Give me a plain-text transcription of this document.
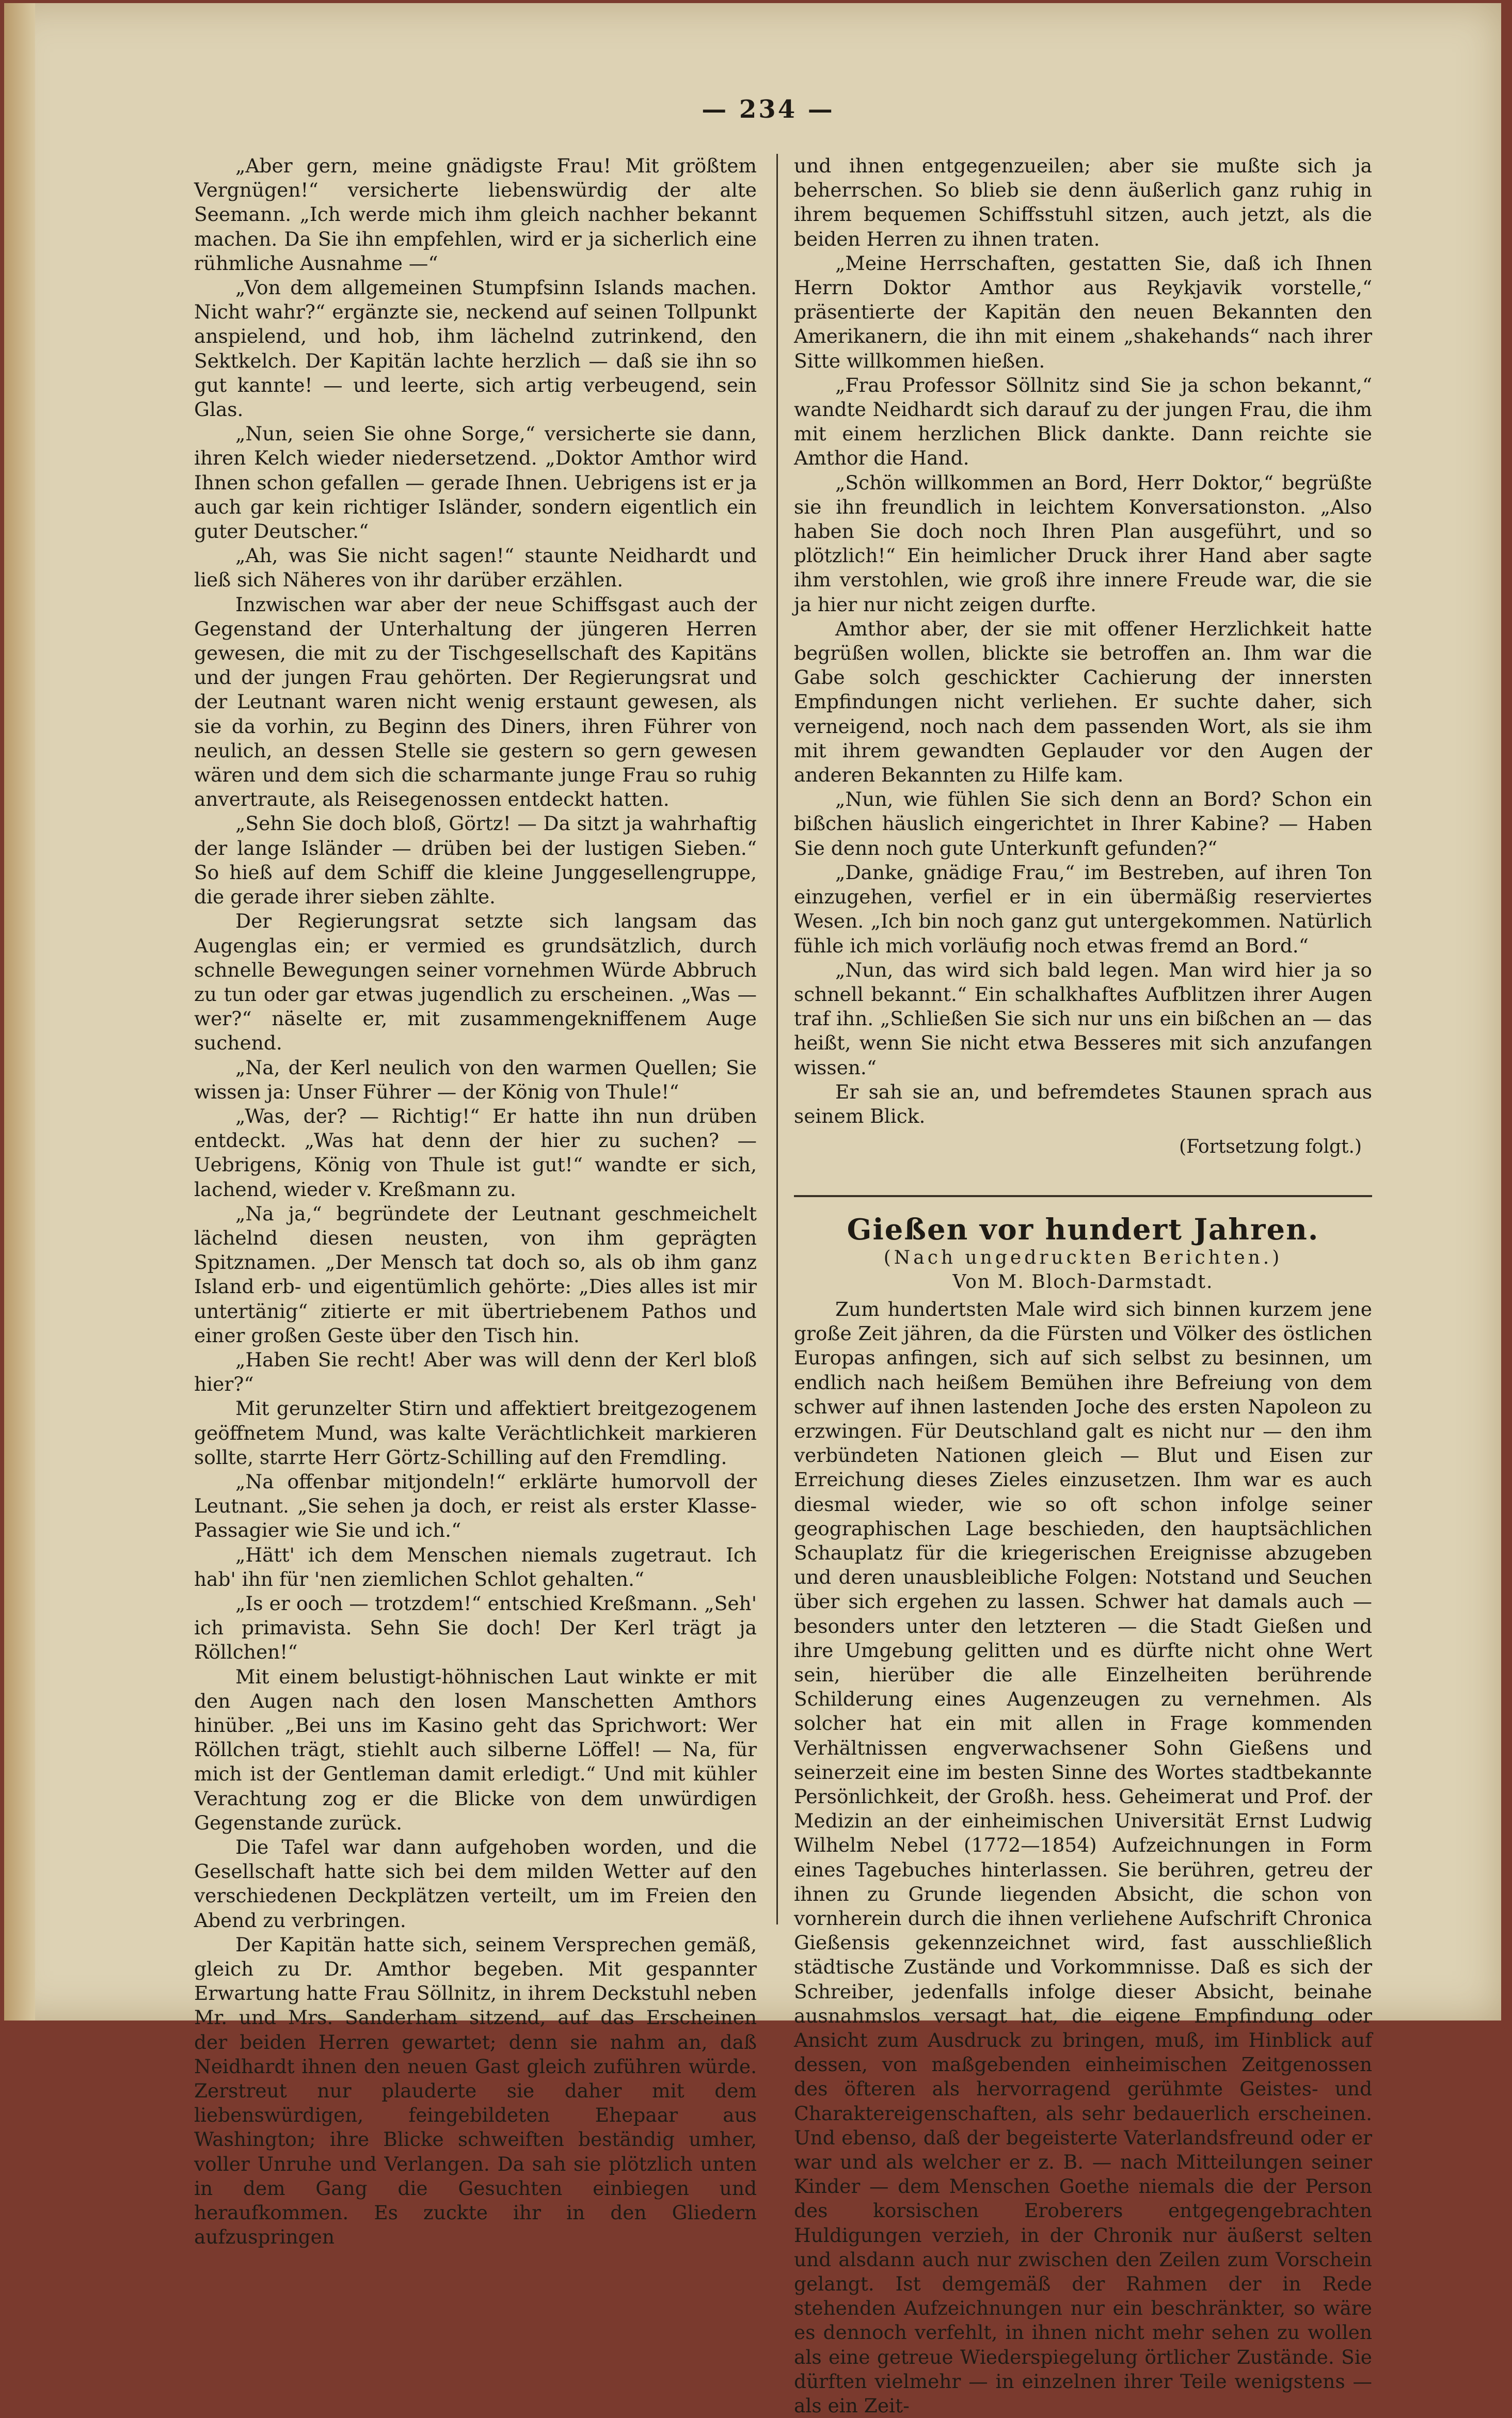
— 234 —

„Aber gern, meine gnädigste Frau! Mit größtem Vergnügen!“ versicherte liebenswürdig der alte Seemann. „Ich werde mich ihm gleich nachher bekannt machen. Da Sie ihn empfehlen, wird er ja sicherlich eine rühmliche Ausnahme —“

„Von dem allgemeinen Stumpfsinn Islands machen. Nicht wahr?“ ergänzte sie, neckend auf seinen Tollpunkt anspielend, und hob, ihm lächelnd zutrinkend, den Sektkelch. Der Kapitän lachte herzlich — daß sie ihn so gut kannte! — und leerte, sich artig verbeugend, sein Glas.

„Nun, seien Sie ohne Sorge,“ versicherte sie dann, ihren Kelch wieder niedersetzend. „Doktor Amthor wird Ihnen schon gefallen — gerade Ihnen. Uebrigens ist er ja auch gar kein richtiger Isländer, sondern eigentlich ein guter Deutscher.“

„Ah, was Sie nicht sagen!“ staunte Neidhardt und ließ sich Näheres von ihr darüber erzählen.

Inzwischen war aber der neue Schiffsgast auch der Gegenstand der Unterhaltung der jüngeren Herren gewesen, die mit zu der Tischgesellschaft des Kapitäns und der jungen Frau gehörten. Der Regierungsrat und der Leutnant waren nicht wenig erstaunt gewesen, als sie da vorhin, zu Beginn des Diners, ihren Führer von neulich, an dessen Stelle sie gestern so gern gewesen wären und dem sich die scharmante junge Frau so ruhig anvertraute, als Reisegenossen entdeckt hatten.

„Sehn Sie doch bloß, Görtz! — Da sitzt ja wahrhaftig der lange Isländer — drüben bei der lustigen Sieben.“ So hieß auf dem Schiff die kleine Junggesellengruppe, die gerade ihrer sieben zählte.

Der Regierungsrat setzte sich langsam das Augenglas ein; er vermied es grundsätzlich, durch schnelle Bewegungen seiner vornehmen Würde Abbruch zu tun oder gar etwas jugendlich zu erscheinen. „Was — wer?“ näselte er, mit zusammengekniffenem Auge suchend.

„Na, der Kerl neulich von den warmen Quellen; Sie wissen ja: Unser Führer — der König von Thule!“

„Was, der? — Richtig!“ Er hatte ihn nun drüben entdeckt. „Was hat denn der hier zu suchen? — Uebrigens, König von Thule ist gut!“ wandte er sich, lachend, wieder v. Kreßmann zu.

„Na ja,“ begründete der Leutnant geschmeichelt lächelnd diesen neusten, von ihm geprägten Spitznamen. „Der Mensch tat doch so, als ob ihm ganz Island erb- und eigentümlich gehörte: „Dies alles ist mir untertänig“ zitierte er mit übertriebenem Pathos und einer großen Geste über den Tisch hin.

„Haben Sie recht! Aber was will denn der Kerl bloß hier?“

Mit gerunzelter Stirn und affektiert breitgezogenem geöffnetem Mund, was kalte Verächtlichkeit markieren sollte, starrte Herr Görtz-Schilling auf den Fremdling.

„Na offenbar mitjondeln!“ erklärte humorvoll der Leutnant. „Sie sehen ja doch, er reist als erster Klasse-Passagier wie Sie und ich.“

„Hätt' ich dem Menschen niemals zugetraut. Ich hab' ihn für 'nen ziemlichen Schlot gehalten.“

„Is er ooch — trotzdem!“ entschied Kreßmann. „Seh' ich primavista. Sehn Sie doch! Der Kerl trägt ja Röllchen!“

Mit einem belustigt-höhnischen Laut winkte er mit den Augen nach den losen Manschetten Amthors hinüber. „Bei uns im Kasino geht das Sprichwort: Wer Röllchen trägt, stiehlt auch silberne Löffel! — Na, für mich ist der Gentleman damit erledigt.“ Und mit kühler Verachtung zog er die Blicke von dem unwürdigen Gegenstande zurück.

Die Tafel war dann aufgehoben worden, und die Gesellschaft hatte sich bei dem milden Wetter auf den verschiedenen Deckplätzen verteilt, um im Freien den Abend zu verbringen.

Der Kapitän hatte sich, seinem Versprechen gemäß, gleich zu Dr. Amthor begeben. Mit gespannter Erwartung hatte Frau Söllnitz, in ihrem Deckstuhl neben Mr. und Mrs. Sanderham sitzend, auf das Erscheinen der beiden Herren gewartet; denn sie nahm an, daß Neidhardt ihnen den neuen Gast gleich zuführen würde. Zerstreut nur plauderte sie daher mit dem liebenswürdigen, feingebildeten Ehepaar aus Washington; ihre Blicke schweiften beständig umher, voller Unruhe und Verlangen. Da sah sie plötzlich unten in dem Gang die Gesuchten einbiegen und heraufkommen. Es zuckte ihr in den Gliedern aufzuspringen

und ihnen entgegenzueilen; aber sie mußte sich ja beherrschen. So blieb sie denn äußerlich ganz ruhig in ihrem bequemen Schiffsstuhl sitzen, auch jetzt, als die beiden Herren zu ihnen traten.

„Meine Herrschaften, gestatten Sie, daß ich Ihnen Herrn Doktor Amthor aus Reykjavik vorstelle,“ präsentierte der Kapitän den neuen Bekannten den Amerikanern, die ihn mit einem „shakehands“ nach ihrer Sitte willkommen hießen.

„Frau Professor Söllnitz sind Sie ja schon bekannt,“ wandte Neidhardt sich darauf zu der jungen Frau, die ihm mit einem herzlichen Blick dankte. Dann reichte sie Amthor die Hand.

„Schön willkommen an Bord, Herr Doktor,“ begrüßte sie ihn freundlich in leichtem Konversationston. „Also haben Sie doch noch Ihren Plan ausgeführt, und so plötzlich!“ Ein heimlicher Druck ihrer Hand aber sagte ihm verstohlen, wie groß ihre innere Freude war, die sie ja hier nur nicht zeigen durfte.

Amthor aber, der sie mit offener Herzlichkeit hatte begrüßen wollen, blickte sie betroffen an. Ihm war die Gabe solch geschickter Cachierung der innersten Empfindungen nicht verliehen. Er suchte daher, sich verneigend, noch nach dem passenden Wort, als sie ihm mit ihrem gewandten Geplauder vor den Augen der anderen Bekannten zu Hilfe kam.

„Nun, wie fühlen Sie sich denn an Bord? Schon ein bißchen häuslich eingerichtet in Ihrer Kabine? — Haben Sie denn noch gute Unterkunft gefunden?“

„Danke, gnädige Frau,“ im Bestreben, auf ihren Ton einzugehen, verfiel er in ein übermäßig reserviertes Wesen. „Ich bin noch ganz gut untergekommen. Natürlich fühle ich mich vorläufig noch etwas fremd an Bord.“

„Nun, das wird sich bald legen. Man wird hier ja so schnell bekannt.“ Ein schalkhaftes Aufblitzen ihrer Augen traf ihn. „Schließen Sie sich nur uns ein bißchen an — das heißt, wenn Sie nicht etwa Besseres mit sich anzufangen wissen.“

Er sah sie an, und befremdetes Staunen sprach aus seinem Blick.

(Fortsetzung folgt.)

Gießen vor hundert Jahren.

(Nach ungedruckten Berichten.)

Von M. Bloch-Darmstadt.

Zum hundertsten Male wird sich binnen kurzem jene große Zeit jähren, da die Fürsten und Völker des östlichen Europas anfingen, sich auf sich selbst zu besinnen, um endlich nach heißem Bemühen ihre Befreiung von dem schwer auf ihnen lastenden Joche des ersten Napoleon zu erzwingen. Für Deutschland galt es nicht nur — den ihm verbündeten Nationen gleich — Blut und Eisen zur Erreichung dieses Zieles einzusetzen. Ihm war es auch diesmal wieder, wie so oft schon infolge seiner geographischen Lage beschieden, den hauptsächlichen Schauplatz für die kriegerischen Ereignisse abzugeben und deren unausbleibliche Folgen: Notstand und Seuchen über sich ergehen zu lassen. Schwer hat damals auch — besonders unter den letzteren — die Stadt Gießen und ihre Umgebung gelitten und es dürfte nicht ohne Wert sein, hierüber die alle Einzelheiten berührende Schilderung eines Augenzeugen zu vernehmen. Als solcher hat ein mit allen in Frage kommenden Verhältnissen engverwachsener Sohn Gießens und seinerzeit eine im besten Sinne des Wortes stadtbekannte Persönlichkeit, der Großh. hess. Geheimerat und Prof. der Medizin an der einheimischen Universität Ernst Ludwig Wilhelm Nebel (1772—1854) Aufzeichnungen in Form eines Tagebuches hinterlassen. Sie berühren, getreu der ihnen zu Grunde liegenden Absicht, die schon von vornherein durch die ihnen verliehene Aufschrift Chronica Gießensis gekennzeichnet wird, fast ausschließlich städtische Zustände und Vorkommnisse. Daß es sich der Schreiber, jedenfalls infolge dieser Absicht, beinahe ausnahmslos versagt hat, die eigene Empfindung oder Ansicht zum Ausdruck zu bringen, muß, im Hinblick auf dessen, von maßgebenden einheimischen Zeitgenossen des öfteren als hervorragend gerühmte Geistes- und Charaktereigenschaften, als sehr bedauerlich erscheinen. Und ebenso, daß der begeisterte Vaterlandsfreund oder er war und als welcher er z. B. — nach Mitteilungen seiner Kinder — dem Menschen Goethe niemals die der Person des korsischen Eroberers entgegengebrachten Huldigungen verzieh, in der Chronik nur äußerst selten und alsdann auch nur zwischen den Zeilen zum Vorschein gelangt. Ist demgemäß der Rahmen der in Rede stehenden Aufzeichnungen nur ein beschränkter, so wäre es dennoch verfehlt, in ihnen nicht mehr sehen zu wollen als eine getreue Wiederspiegelung örtlicher Zustände. Sie dürften vielmehr — in einzelnen ihrer Teile wenigstens — als ein Zeit-
